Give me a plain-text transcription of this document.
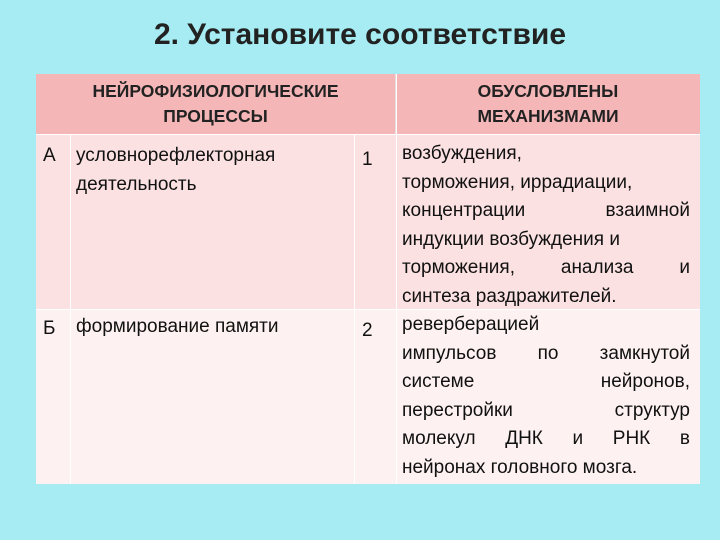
2. Установите соответствие
НЕЙРОФИЗИОЛОГИЧЕСКИЕ ПРОЦЕССЫ
ОБУСЛОВЛЕНЫ МЕХАНИЗМАМИ
А условнорефлекторная
деятельность
1 возбуждения,
торможения, иррадиации,
концентрации	взаимной
индукции возбуждения и
торможения, анализа и
синтеза раздражителей.
Б формирование памяти	2 реверберацией
импульсов по замкнутой
системе	нейронов,
перестройки	структур
молекул ДНК и РНК в
нейронах головного мозга.
